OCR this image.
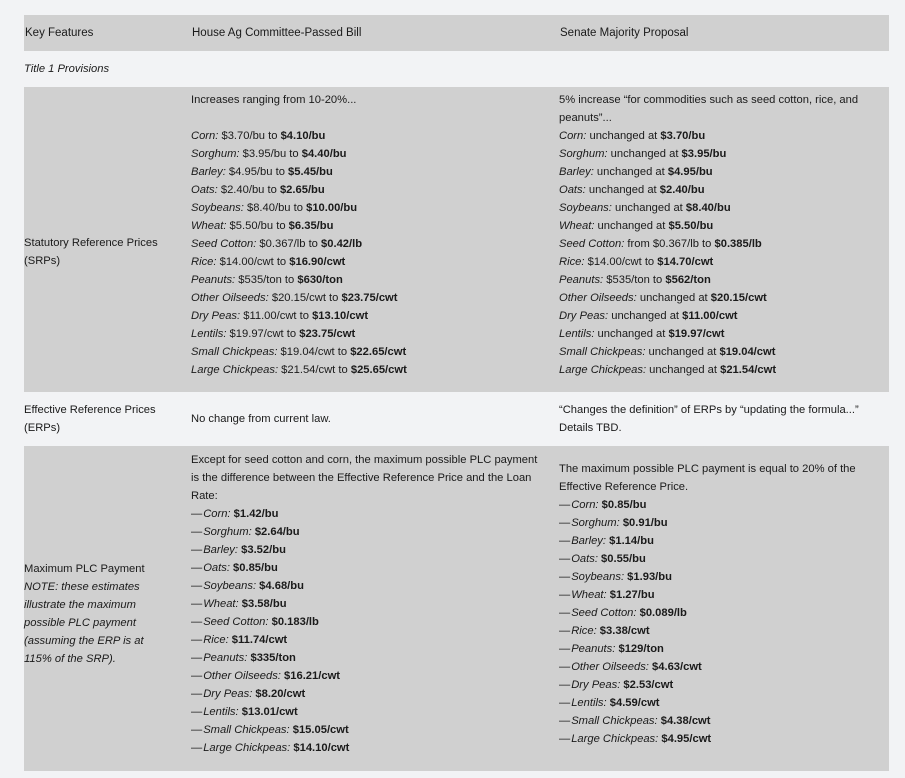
Key Features	House Ag Committee-Passed Bill	Senate Majority Proposal
Title 1 Provisions
Statutory Reference Prices (SRPs)
Increases ranging from 10-20%...

Corn: $3.70/bu to $4.10/bu
Sorghum: $3.95/bu to $4.40/bu
Barley: $4.95/bu to $5.45/bu
Oats: $2.40/bu to $2.65/bu
Soybeans: $8.40/bu to $10.00/bu
Wheat: $5.50/bu to $6.35/bu
Seed Cotton: $0.367/lb to $0.42/lb
Rice: $14.00/cwt to $16.90/cwt
Peanuts: $535/ton to $630/ton
Other Oilseeds: $20.15/cwt to $23.75/cwt
Dry Peas: $11.00/cwt to $13.10/cwt
Lentils: $19.97/cwt to $23.75/cwt
Small Chickpeas: $19.04/cwt to $22.65/cwt
Large Chickpeas: $21.54/cwt to $25.65/cwt
5% increase “for commodities such as seed cotton, rice, and
peanuts”...
Corn: unchanged at $3.70/bu
Sorghum: unchanged at $3.95/bu
Barley: unchanged at $4.95/bu
Oats: unchanged at $2.40/bu
Soybeans: unchanged at $8.40/bu
Wheat: unchanged at $5.50/bu
Seed Cotton: from $0.367/lb to $0.385/lb
Rice: $14.00/cwt to $14.70/cwt
Peanuts: $535/ton to $562/ton
Other Oilseeds: unchanged at $20.15/cwt
Dry Peas: unchanged at $11.00/cwt
Lentils: unchanged at $19.97/cwt
Small Chickpeas: unchanged at $19.04/cwt
Large Chickpeas: unchanged at $21.54/cwt
Effective Reference Prices (ERPs)
No change from current law.
“Changes the definition” of ERPs by “updating the formula...” Details TBD.
Maximum PLC Payment NOTE: these estimates illustrate the maximum possible PLC payment (assuming the ERP is at 115% of the SRP).
Except for seed cotton and corn, the maximum possible PLC payment is the difference between the Effective Reference Price and the Loan Rate:
—Corn: $1.42/bu
—Sorghum: $2.64/bu
—Barley: $3.52/bu
—Oats: $0.85/bu
—Soybeans: $4.68/bu
—Wheat: $3.58/bu
—Seed Cotton: $0.183/lb
—Rice: $11.74/cwt
—Peanuts: $335/ton
—Other Oilseeds: $16.21/cwt
—Dry Peas: $8.20/cwt
—Lentils: $13.01/cwt
—Small Chickpeas: $15.05/cwt
—Large Chickpeas: $14.10/cwt
The maximum possible PLC payment is equal to 20% of the Effective Reference Price.
—Corn: $0.85/bu
—Sorghum: $0.91/bu
—Barley: $1.14/bu
—Oats: $0.55/bu
—Soybeans: $1.93/bu
—Wheat: $1.27/bu
—Seed Cotton: $0.089/lb
—Rice: $3.38/cwt
—Peanuts: $129/ton
—Other Oilseeds: $4.63/cwt
—Dry Peas: $2.53/cwt
—Lentils: $4.59/cwt
—Small Chickpeas: $4.38/cwt
—Large Chickpeas: $4.95/cwt
